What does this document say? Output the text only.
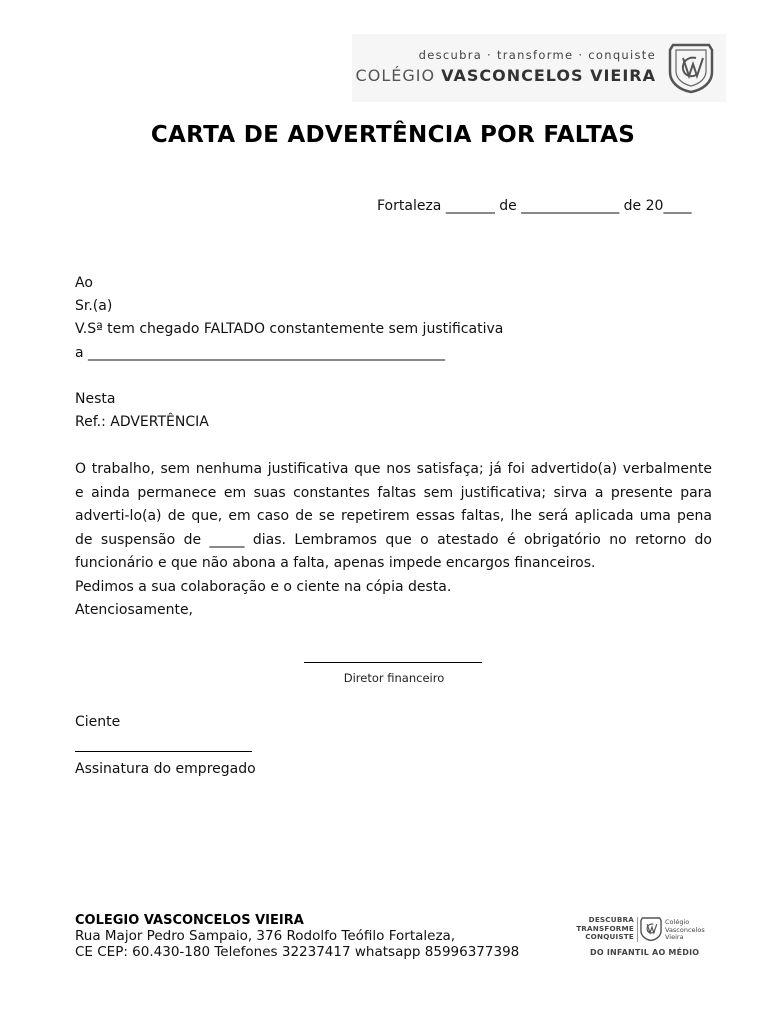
descubra · transforme · conquiste
COLÉGIO VASCONCELOS VIEIRA
CARTA DE ADVERTÊNCIA POR FALTAS
Fortaleza _______ de ______________ de 20____
Ao
Sr.(a)
V.Sª tem chegado FALTADO constantemente sem justificativa
a ___________________________________________________
Nesta
Ref.: ADVERTÊNCIA
O trabalho, sem nenhuma justificativa que nos satisfaça; já foi advertido(a) verbalmente
e ainda permanece em suas constantes faltas sem justificativa; sirva a presente para
adverti-lo(a) de que, em caso de se repetirem essas faltas, lhe será aplicada uma pena
de suspensão de _____ dias. Lembramos que o atestado é obrigatório no retorno do
funcionário e que não abona a falta, apenas impede encargos financeiros.
Pedimos a sua colaboração e o ciente na cópia desta.
Atenciosamente,
Diretor financeiro
Ciente
Assinatura do empregado
COLEGIO VASCONCELOS VIEIRA
Rua Major Pedro Sampaio, 376 Rodolfo Teófilo Fortaleza,
CE CEP: 60.430-180 Telefones 32237417 whatsapp 85996377398
DESCUBRA
TRANSFORME
CONQUISTE
Colégio
Vasconcelos
Vieira
DO INFANTIL AO MÉDIO
